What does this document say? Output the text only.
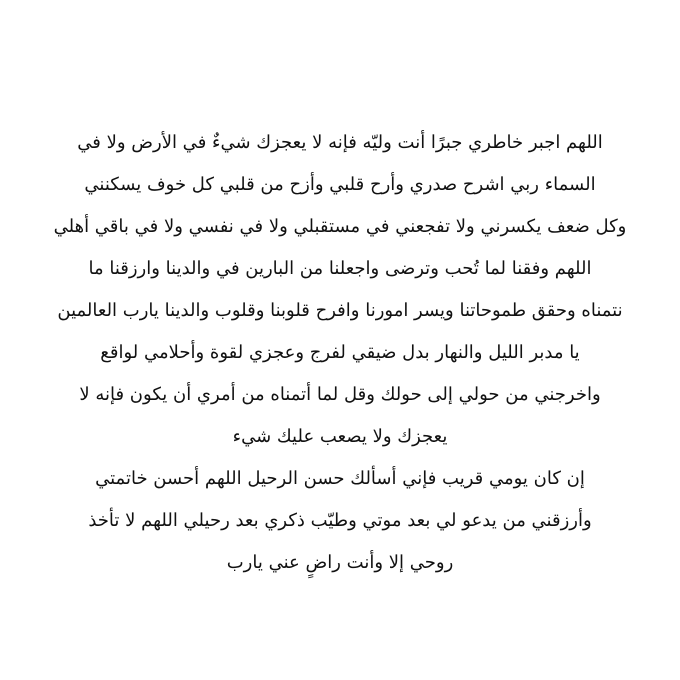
اللهم اجبر خاطري جبرًا أنت وليّه فإنه لا يعجزك شيءٌ في الأرض ولا في
السماء ربي اشرح صدري وأرح قلبي وأزح من قلبي كل خوف يسكنني
وكل ضعف يكسرني ولا تفجعني في مستقبلي ولا في نفسي ولا في باقي أهلي
اللهم وفقنا لما تُحب وترضى واجعلنا من البارين في والدينا وارزقنا ما
نتمناه وحقق طموحاتنا ويسر امورنا وافرح قلوبنا وقلوب والدينا يارب العالمين
يا مدبر الليل والنهار بدل ضيقي لفرج وعجزي لقوة وأحلامي لواقع
واخرجني من حولي إلى حولك وقل لما أتمناه من أمري أن يكون فإنه لا
يعجزك ولا يصعب عليك شيء
إن كان يومي قريب فإني أسألك حسن الرحيل اللهم أحسن خاتمتي
وأرزقني من يدعو لي بعد موتي وطيّب ذكري بعد رحيلي اللهم لا تأخذ
روحي إلا وأنت راضٍ عني يارب
